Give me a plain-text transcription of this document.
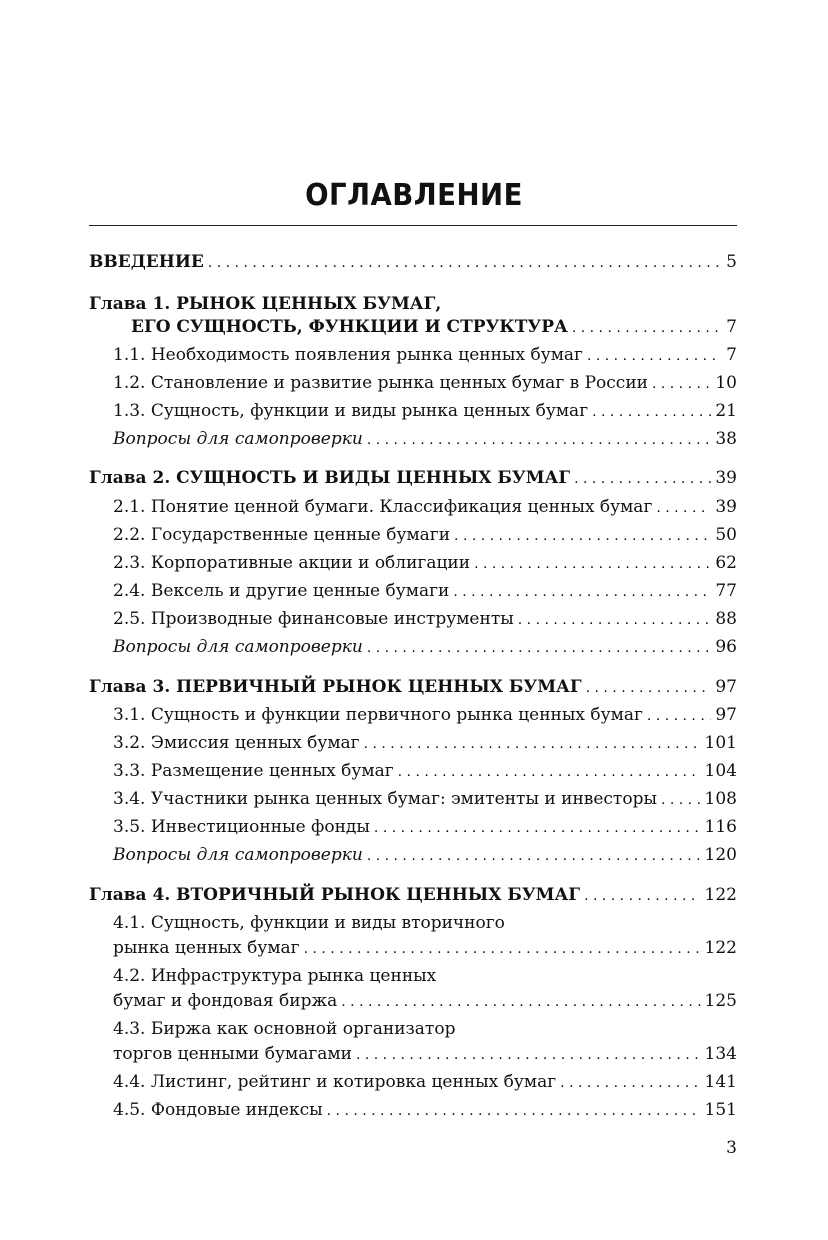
ОГЛАВЛЕНИЕ
ВВЕДЕНИЕ . . .	5
Глава 1. РЫНОК ЦЕННЫХ БУМАГ,
ЕГО СУЩНОСТЬ, ФУНКЦИИ И СТРУКТУРА . . .	7
1.1. Необходимость появления рынка ценных бумаг . . .	7
1.2. Становление и развитие рынка ценных бумаг в России . . .	10
1.3. Сущность, функции и виды рынка ценных бумаг . . .	21
Вопросы для самопроверки . . .	38
Глава 2. СУЩНОСТЬ И ВИДЫ ЦЕННЫХ БУМАГ . . .	39
2.1. Понятие ценной бумаги. Классификация ценных бумаг . . .	39
2.2. Государственные ценные бумаги . . .	50
2.3. Корпоративные акции и облигации . . .	62
2.4. Вексель и другие ценные бумаги . . .	77
2.5. Производные финансовые инструменты . . .	88
Вопросы для самопроверки . . .	96
Глава 3. ПЕРВИЧНЫЙ РЫНОК ЦЕННЫХ БУМАГ . . .	97
3.1. Сущность и функции первичного рынка ценных бумаг . . .	97
3.2. Эмиссия ценных бумаг . . .	101
3.3. Размещение ценных бумаг . . .	104
3.4. Участники рынка ценных бумаг: эмитенты и инвесторы . . .	108
3.5. Инвестиционные фонды . . .	116
Вопросы для самопроверки . . .	120
Глава 4. ВТОРИЧНЫЙ РЫНОК ЦЕННЫХ БУМАГ . . .	122
4.1. Сущность, функции и виды вторичного
рынка ценных бумаг . . .	122
4.2. Инфраструктура рынка ценных
бумаг и фондовая биржа . . .	125
4.3. Биржа как основной организатор
торгов ценными бумагами . . .	134
4.4. Листинг, рейтинг и котировка ценных бумаг . . .	141
4.5. Фондовые индексы . . .	151
3
